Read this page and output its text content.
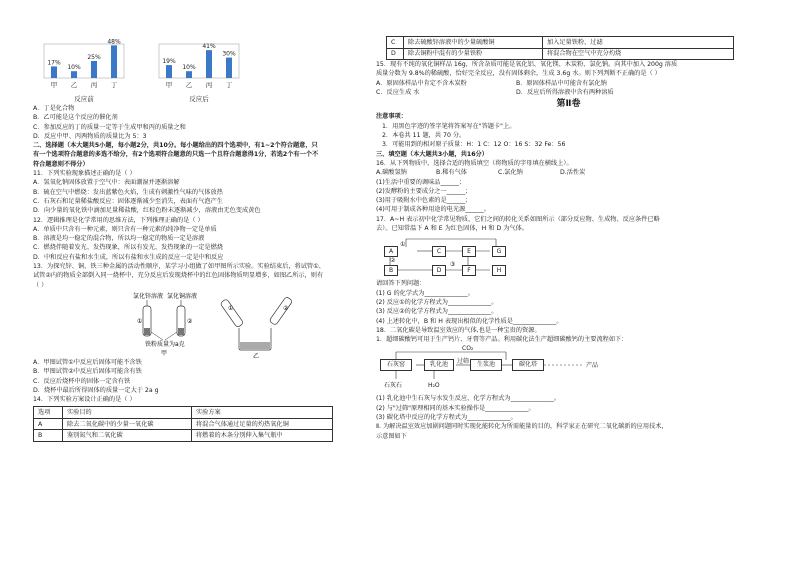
17%
甲
10%
乙
25%
丙
48%
丁
反应前
19%
甲
10%
乙
41%
丙
30%
丁
反应后
A．丁是化合物
B．乙可能是这个反应的催化剂
C．参加反应的丁的质量一定等于生成甲和丙的质量之和
D．反应中甲、丙两物质的质量比为 5：3
二、选择题（本大题共5小题，每小题2分，共10分。每小题给出的四个选项中，有1~2个符合题意，只
有一个选项符合题意的多选不给分，有2个选项符合题意的只选一个且符合题意得1分，若选2个有一个不
符合题意则不得分）
11．下列实验现象描述正确的是（ ）
A．氢氧化钠固体放置于空气中：表面潮湿并逐渐溶解
B．硫在空气中燃烧：发出蓝紫色火焰，生成有刺激性气味的气体放热
C．石灰石和足量稀盐酸反应：固体逐渐减少至消失，表面有气泡产生
D．向少量的氧化铁中滴加足量稀盐酸，红棕色粉末逐渐减少，溶液由无色变成黄色
12．逻辑推理是化学常用的思维方法，下列推理正确的是（ ）
A．单质中只含有一种元素，则只含有一种元素的纯净物一定是单质
B．溶液是均一稳定的混合物，所以均一稳定的物质一定是溶液
C．燃烧伴随着发光、发热现象，所以有发光、发热现象的一定是燃烧
D．中和反应有盐和水生成，所以有盐和水生成的反应一定是中和反应
13．为探究锌、铜、铁三种金属的活动性顺序，某学习小组做了如甲图所示实验。实验结束后，将试管①、
试管②内的物质全部倒入同一烧杯中，充分反应后发现烧杯中的红色固体物质明显增多，如图乙所示，则有
（ ）
氯化锌溶液 氯化铜溶液
①	②
铁粉质量为a克
甲
①	②
乙
A．甲图试管①中反应后固体可能不含铁
B．甲图试管②中反应后固体可能含有铁
C．反应后烧杯中的固体一定含有铁
D．烧杯中最后所得固体的质量一定大于 2a g
14．下列实验方案设计正确的是（ ）
选项	实验目的	实验方案
A	除去二氧化碳中的少量一氧化碳	将混合气体通过足量的灼热氧化铜
B	鉴别氮气和二氧化碳	将燃着的木条分别伸入集气瓶中
C	除去硫酸锌溶液中的少量硫酸铜	加入足量铁粉，过滤
D	除去铜粉中混有的少量铁粉	将混合物在空气中充分灼烧
15．现有不纯的氧化铜样品 16g，所含杂质可能是氧化铝、氧化镁、木炭粉、氯化钠。向其中加入 200g 溶质
质量分数为 9.8%的稀硫酸，恰好完全反应，没有固体剩余，生成 3.6g 水。则下列判断不正确的是（ ）
A．原固体样品中肯定不含木炭粉	B．原固体样品中可能含有氯化钠
C．反应生成 水	D．反应后所得溶液中含有两种溶质
第Ⅱ卷
注意事项：
1．用黑色字迹的签字笔将答案写在"答题卡"上。
2．本卷共 11 题，共 70 分。
3．可能用到的相对原子质量：H：1 C：12 O：16 S：32 Fe：56
三、填空题（本大题共3小题，共16分）
16．从下列物质中，选择合适的物质填空（将物质的字母填在横线上）。
A.碳酸氢钠	B.稀有气体	C.氯化钠	D.活性炭
(1)生活中重要的调味品______；
(2)发酵粉的主要成分之一______；
(3)用于吸附水中色素的是______；
(4)可用于制成各种用途的电光源______。
17．A~H 表示初中化学常见物质，它们之间的转化关系如图所示（部分反应物、生成物、反应条件已略
去）。已知常温下 A 和 E 为红色固体，H 和 D 为气体。
A
B
C
D
E
F
G
H
①
②
③
请回答下列问题：
(1) G 的化学式为______________。
(2) 反应①的化学方程式为______________。
(3) 反应②的化学方程式为______________。
(4) 上述转化中，B 和 H 表现出相似的化学性质是______________。
18．二氧化碳是导致温室效应的气体,也是一种宝贵的资源。
1．超细碳酸钙可用于生产钙片、牙膏等产品。利用碳化法生产超细碳酸钙的主要流程如下：
CO₂
石灰窑	乳化池	过筛	生浆池	碳化塔	产品
石灰石	H₂O
(1) 乳化池中生石灰与水发生反应，化学方程式为______________。
(2) 与"过筛"原理相同的基本实验操作是______________。
(3) 碳化塔中反应的化学方程式为______________。
Ⅱ. 为解决温室效应加剧问题同时实现化能转化为所需能量的目的，科学家正在研究二氧化碳新的应用技术，
示意图如下
